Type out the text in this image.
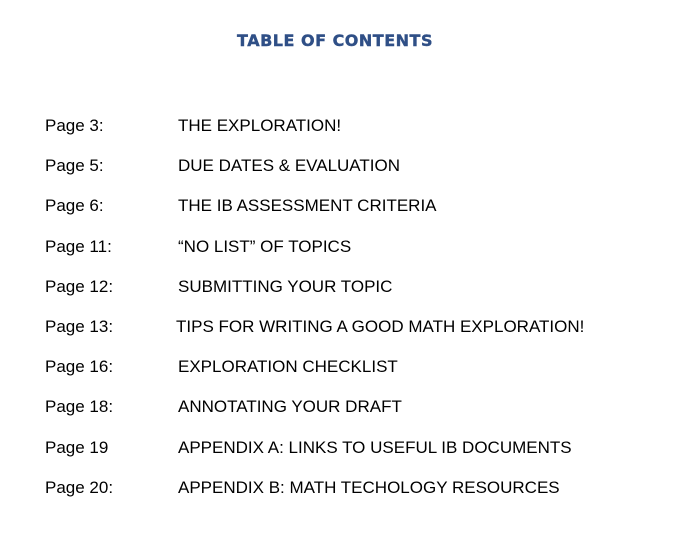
TABLE OF CONTENTS
Page 3:	THE EXPLORATION!
Page 5:	DUE DATES & EVALUATION
Page 6:	THE IB ASSESSMENT CRITERIA
Page 11:	“NO LIST” OF TOPICS
Page 12:	SUBMITTING YOUR TOPIC
Page 13:	TIPS FOR WRITING A GOOD MATH EXPLORATION!
Page 16:	EXPLORATION CHECKLIST
Page 18:	ANNOTATING YOUR DRAFT
Page 19	APPENDIX A: LINKS TO USEFUL IB DOCUMENTS
Page 20:	APPENDIX B: MATH TECHOLOGY RESOURCES
